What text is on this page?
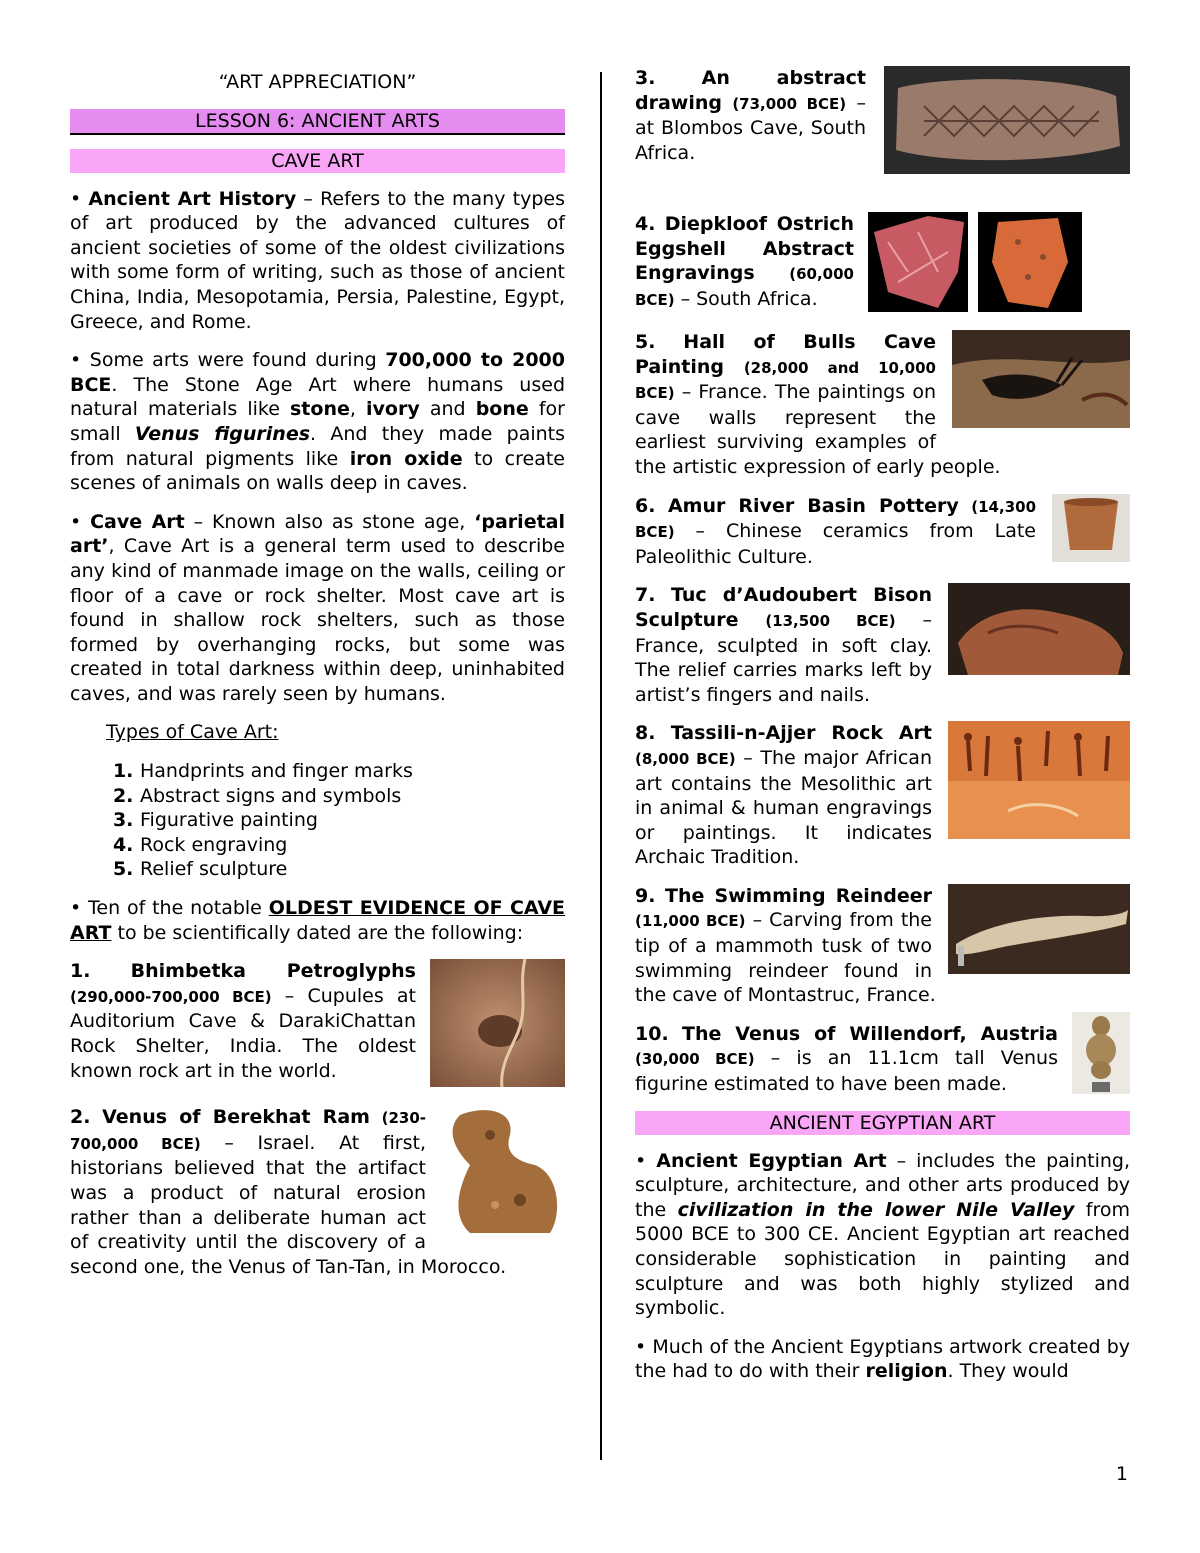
“ART APPRECIATION”
LESSON 6: ANCIENT ARTS
CAVE ART

• Ancient Art History – Refers to the many types of art produced by the advanced cultures of ancient societies of some of the oldest civilizations with some form of writing, such as those of ancient China, India, Mesopotamia, Persia, Palestine, Egypt, Greece, and Rome.

• Some arts were found during 700,000 to 2000 BCE. The Stone Age Art where humans used natural materials like stone, ivory and bone for small Venus figurines. And they made paints from natural pigments like iron oxide to create scenes of animals on walls deep in caves.

• Cave Art – Known also as stone age, ‘parietal art’, Cave Art is a general term used to describe any kind of manmade image on the walls, ceiling or floor of a cave or rock shelter. Most cave art is found in shallow rock shelters, such as those formed by overhanging rocks, but some was created in total darkness within deep, uninhabited caves, and was rarely seen by humans.

Types of Cave Art:
1. Handprints and finger marks
2. Abstract signs and symbols
3. Figurative painting
4. Rock engraving
5. Relief sculpture

• Ten of the notable OLDEST EVIDENCE OF CAVE ART to be scientifically dated are the following:

1. Bhimbetka Petroglyphs (290,000-700,000 BCE) – Cupules at Auditorium Cave & DarakiChattan Rock Shelter, India. The oldest known rock art in the world.
2. Venus of Berekhat Ram (230-700,000 BCE) – Israel. At first, historians believed that the artifact was a product of natural erosion rather than a deliberate human act of creativity until the discovery of a second one, the Venus of Tan-Tan, in Morocco.
3. An abstract drawing (73,000 BCE) – at Blombos Cave, South Africa.
4. Diepkloof Ostrich Eggshell Abstract Engravings (60,000 BCE) – South Africa.
5. Hall of Bulls Cave Painting (28,000 and 10,000 BCE) – France. The paintings on cave walls represent the earliest surviving examples of the artistic expression of early people.
6. Amur River Basin Pottery (14,300 BCE) – Chinese ceramics from Late Paleolithic Culture.
7. Tuc d’Audoubert Bison Sculpture (13,500 BCE) – France, sculpted in soft clay. The relief carries marks left by artist’s fingers and nails.
8. Tassili-n-Ajjer Rock Art (8,000 BCE) – The major African art contains the Mesolithic art in animal & human engravings or paintings. It indicates Archaic Tradition.
9. The Swimming Reindeer (11,000 BCE) – Carving from the tip of a mammoth tusk of two swimming reindeer found in the cave of Montastruc, France.
10. The Venus of Willendorf, Austria (30,000 BCE) – is an 11.1cm tall Venus figurine estimated to have been made.
ANCIENT EGYPTIAN ART

• Ancient Egyptian Art – includes the painting, sculpture, architecture, and other arts produced by the civilization in the lower Nile Valley from 5000 BCE to 300 CE. Ancient Egyptian art reached considerable sophistication in painting and sculpture and was both highly stylized and symbolic.

• Much of the Ancient Egyptians artwork created by the had to do with their religion. They would

1
